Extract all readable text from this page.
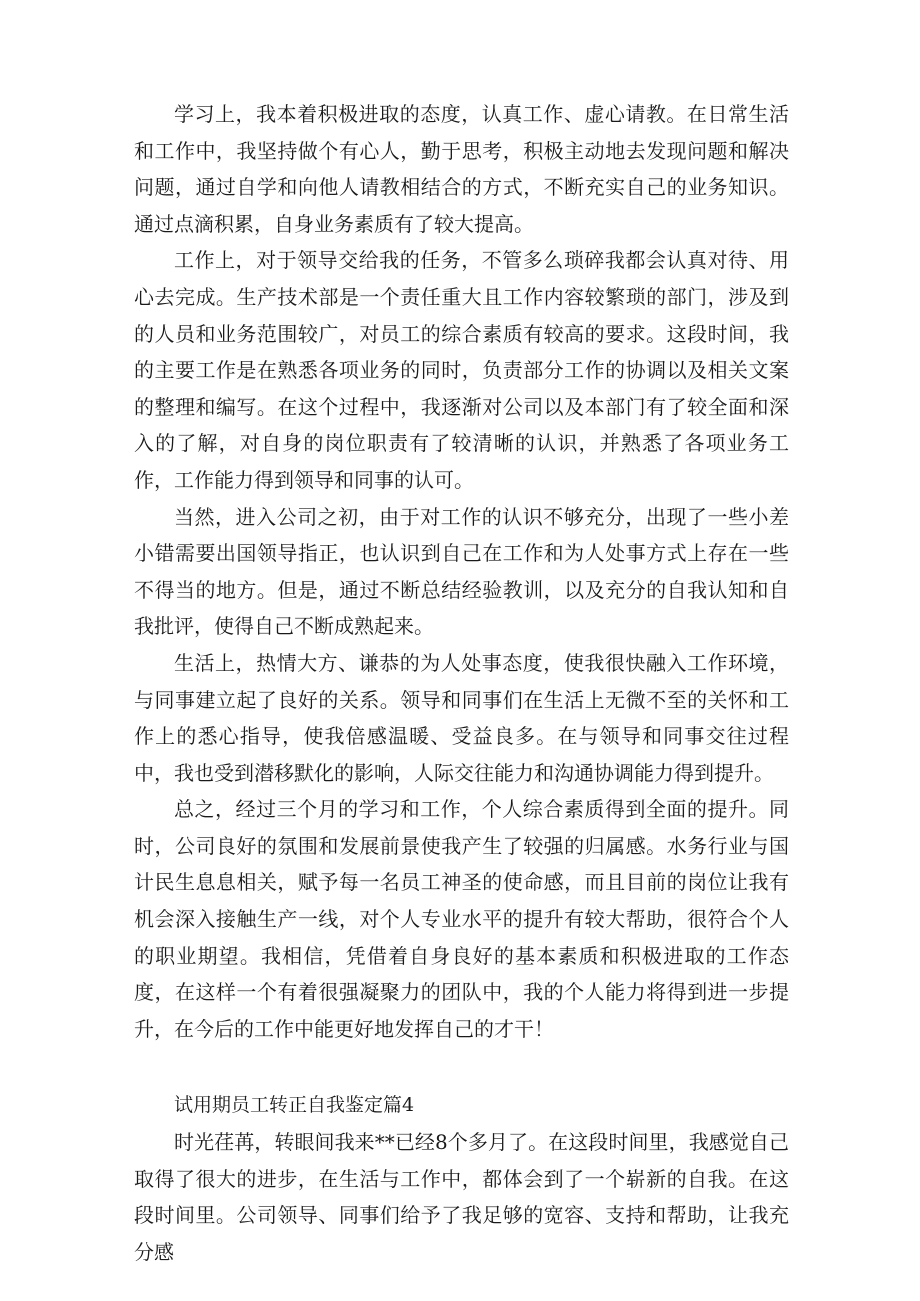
学习上，我本着积极进取的态度，认真工作、虚心请教。在日常生活和工作中，我坚持做个有心人，勤于思考，积极主动地去发现问题和解决问题，通过自学和向他人请教相结合的方式，不断充实自己的业务知识。通过点滴积累，自身业务素质有了较大提高。

工作上，对于领导交给我的任务，不管多么琐碎我都会认真对待、用心去完成。生产技术部是一个责任重大且工作内容较繁琐的部门，涉及到的人员和业务范围较广，对员工的综合素质有较高的要求。这段时间，我的主要工作是在熟悉各项业务的同时，负责部分工作的协调以及相关文案的整理和编写。在这个过程中，我逐渐对公司以及本部门有了较全面和深入的了解，对自身的岗位职责有了较清晰的认识，并熟悉了各项业务工作，工作能力得到领导和同事的认可。

当然，进入公司之初，由于对工作的认识不够充分，出现了一些小差小错需要出国领导指正，也认识到自己在工作和为人处事方式上存在一些不得当的地方。但是，通过不断总结经验教训，以及充分的自我认知和自我批评，使得自己不断成熟起来。

生活上，热情大方、谦恭的为人处事态度，使我很快融入工作环境，与同事建立起了良好的关系。领导和同事们在生活上无微不至的关怀和工作上的悉心指导，使我倍感温暖、受益良多。在与领导和同事交往过程中，我也受到潜移默化的影响，人际交往能力和沟通协调能力得到提升。

总之，经过三个月的学习和工作，个人综合素质得到全面的提升。同时，公司良好的氛围和发展前景使我产生了较强的归属感。水务行业与国计民生息息相关，赋予每一名员工神圣的使命感，而且目前的岗位让我有机会深入接触生产一线，对个人专业水平的提升有较大帮助，很符合个人的职业期望。我相信，凭借着自身良好的基本素质和积极进取的工作态度，在这样一个有着很强凝聚力的团队中，我的个人能力将得到进一步提升，在今后的工作中能更好地发挥自己的才干！

试用期员工转正自我鉴定篇4

时光荏苒，转眼间我来**已经8个多月了。在这段时间里，我感觉自己取得了很大的进步，在生活与工作中，都体会到了一个崭新的自我。在这段时间里。公司领导、同事们给予了我足够的宽容、支持和帮助，让我充分感
